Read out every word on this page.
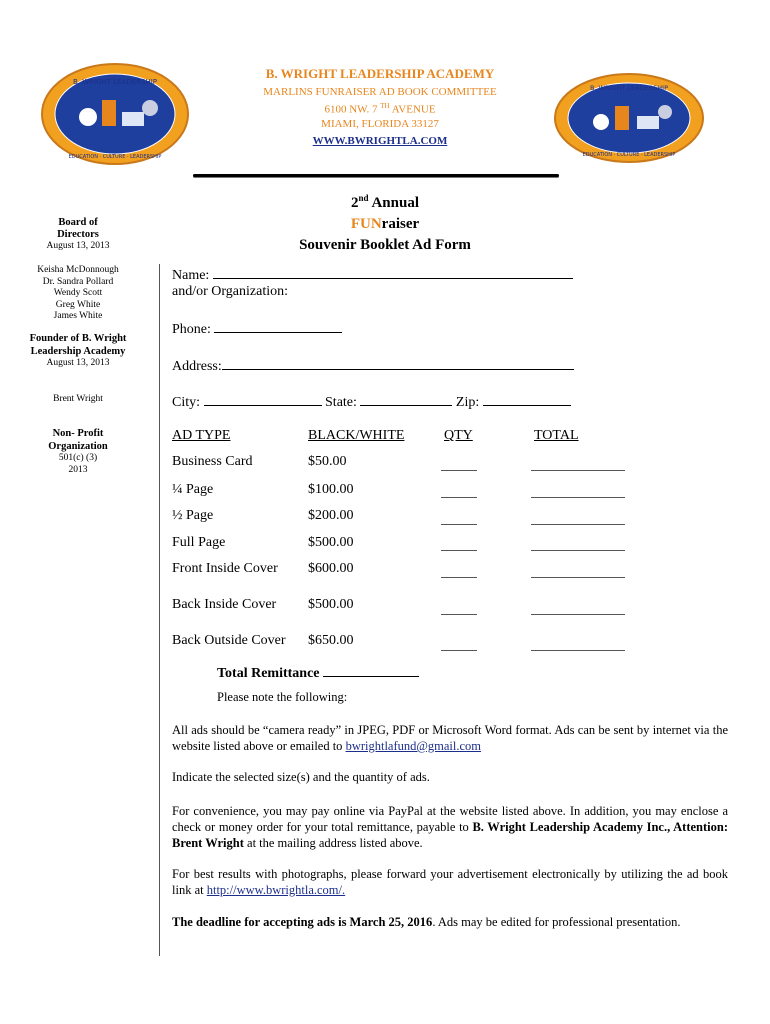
B. WRIGHT LEADERSHIP
EDUCATION · CULTURE · LEADERSHIP
B. WRIGHT LEADERSHIP
EDUCATION · CULTURE · LEADERSHIP
B. WRIGHT LEADERSHIP ACADEMY
MARLINS FUNRAISER AD BOOK COMMITTEE
6100 NW. 7 $^{TH}$ AVENUE
MIAMI, FLORIDA 33127
WWW.BWRIGHTLA.COM
2nd Annual
FUNraiser
Souvenir Booklet Ad Form
Board of Directors
August 13, 2013
Keisha McDonnough
Dr. Sandra Pollard
Wendy Scott
Greg White
James White
Founder of B. Wright Leadership Academy
August 13, 2013
Brent Wright
Non- Profit Organization
501(c) (3)
2013
Name:
and/or Organization:
Phone:
Address:
City:	State:	Zip:
AD TYPE	BLACK/WHITE	QTY	TOTAL
Business Card	$50.00
¼ Page	$100.00
½ Page	$200.00
Full Page	$500.00
Front Inside Cover $600.00
Back Inside Cover $500.00
Back Outside Cover $650.00
Total Remittance
Please note the following:
All ads should be “camera ready” in JPEG, PDF or Microsoft Word format. Ads can be sent by internet via the website listed above or emailed to bwrightlafund@gmail.com
Indicate the selected size(s) and the quantity of ads.
For convenience, you may pay online via PayPal at the website listed above. In addition, you may enclose a check or money order for your total remittance, payable to B. Wright Leadership Academy Inc., Attention: Brent Wright at the mailing address listed above.
For best results with photographs, please forward your advertisement electronically by utilizing the ad book link at http://www.bwrightla.com/.
The deadline for accepting ads is March 25, 2016. Ads may be edited for professional presentation.
